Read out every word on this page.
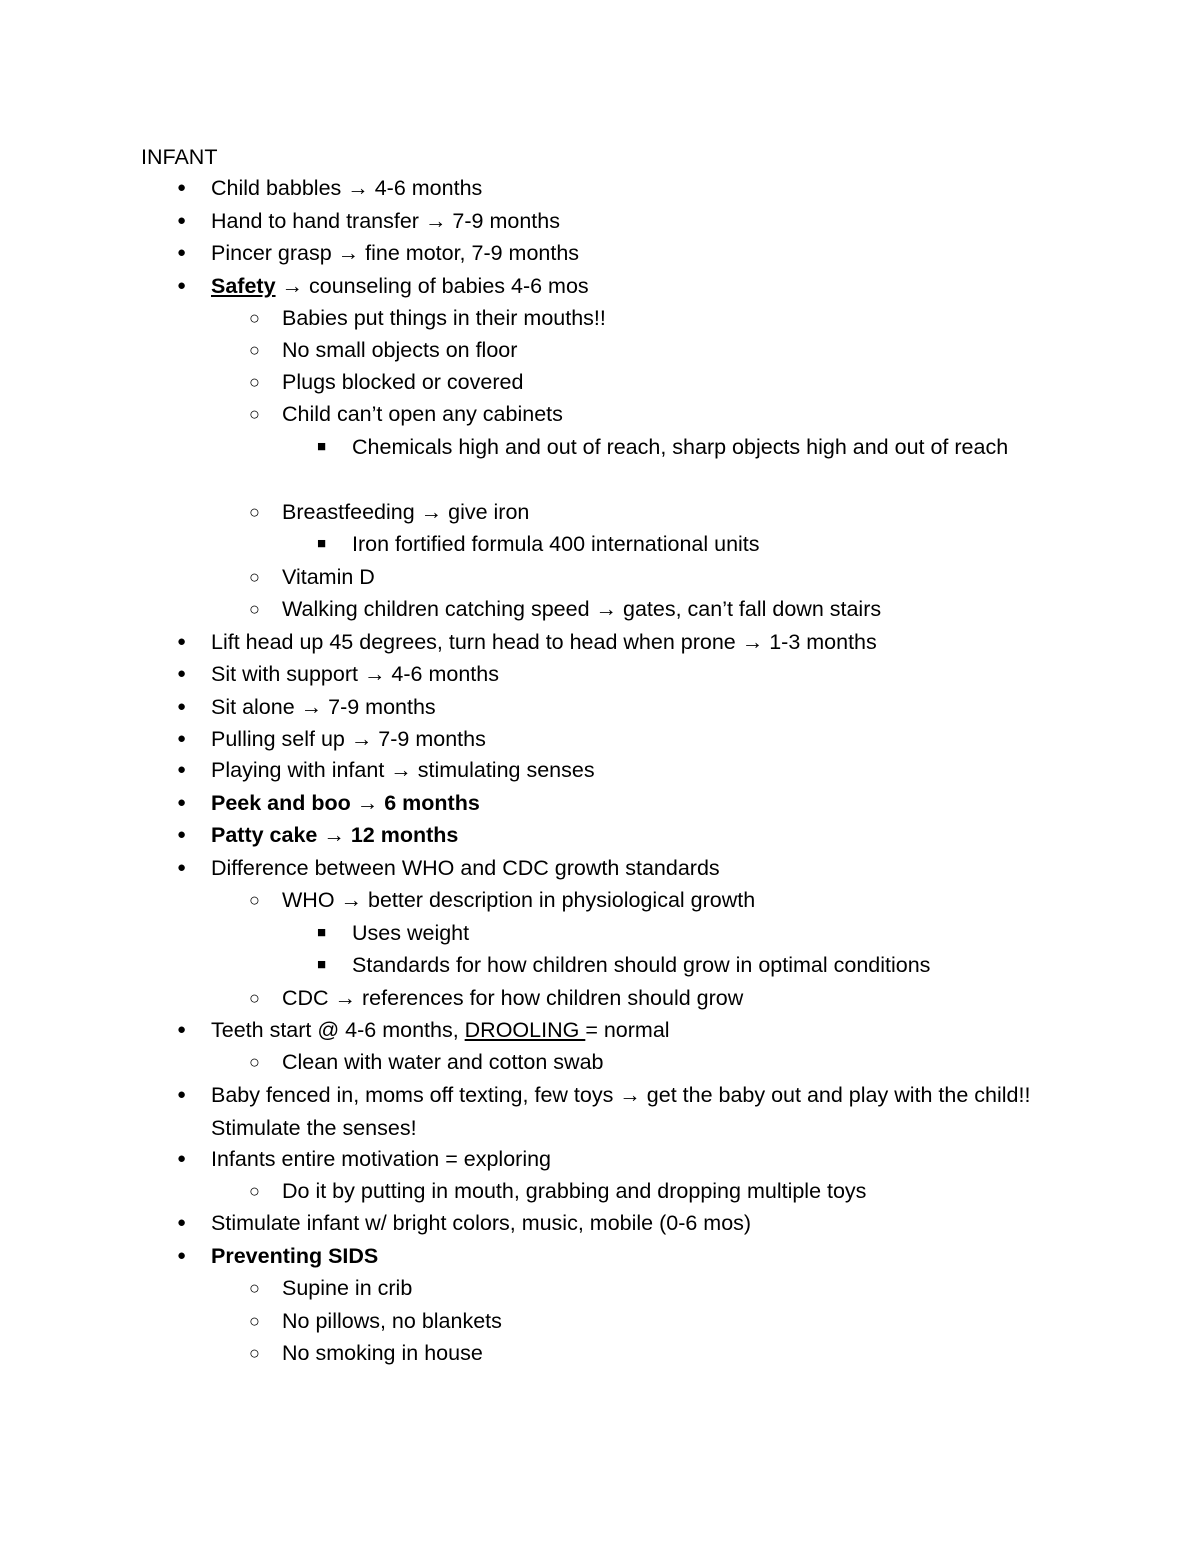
INFANT
● Child babbles → 4-6 months
● Hand to hand transfer → 7-9 months
● Pincer grasp → fine motor, 7-9 months
● Safety → counseling of babies 4-6 mos
○ Babies put things in their mouths!!
○ No small objects on floor
○ Plugs blocked or covered
○ Child can’t open any cabinets
■ Chemicals high and out of reach, sharp objects high and out of reach
○ Breastfeeding → give iron
■ Iron fortified formula 400 international units
○ Vitamin D
○ Walking children catching speed → gates, can’t fall down stairs
● Lift head up 45 degrees, turn head to head when prone → 1-3 months
● Sit with support → 4-6 months
● Sit alone → 7-9 months
● Pulling self up → 7-9 months
● Playing with infant → stimulating senses
● Peek and boo → 6 months
● Patty cake → 12 months
● Difference between WHO and CDC growth standards
○ WHO → better description in physiological growth
■ Uses weight
■ Standards for how children should grow in optimal conditions
○ CDC → references for how children should grow
● Teeth start @ 4-6 months, DROOLING = normal
○ Clean with water and cotton swab
● Baby fenced in, moms off texting, few toys → get the baby out and play with the child!! Stimulate the senses!
● Infants entire motivation = exploring
○ Do it by putting in mouth, grabbing and dropping multiple toys
● Stimulate infant w/ bright colors, music, mobile (0-6 mos)
● Preventing SIDS
○ Supine in crib
○ No pillows, no blankets
○ No smoking in house
